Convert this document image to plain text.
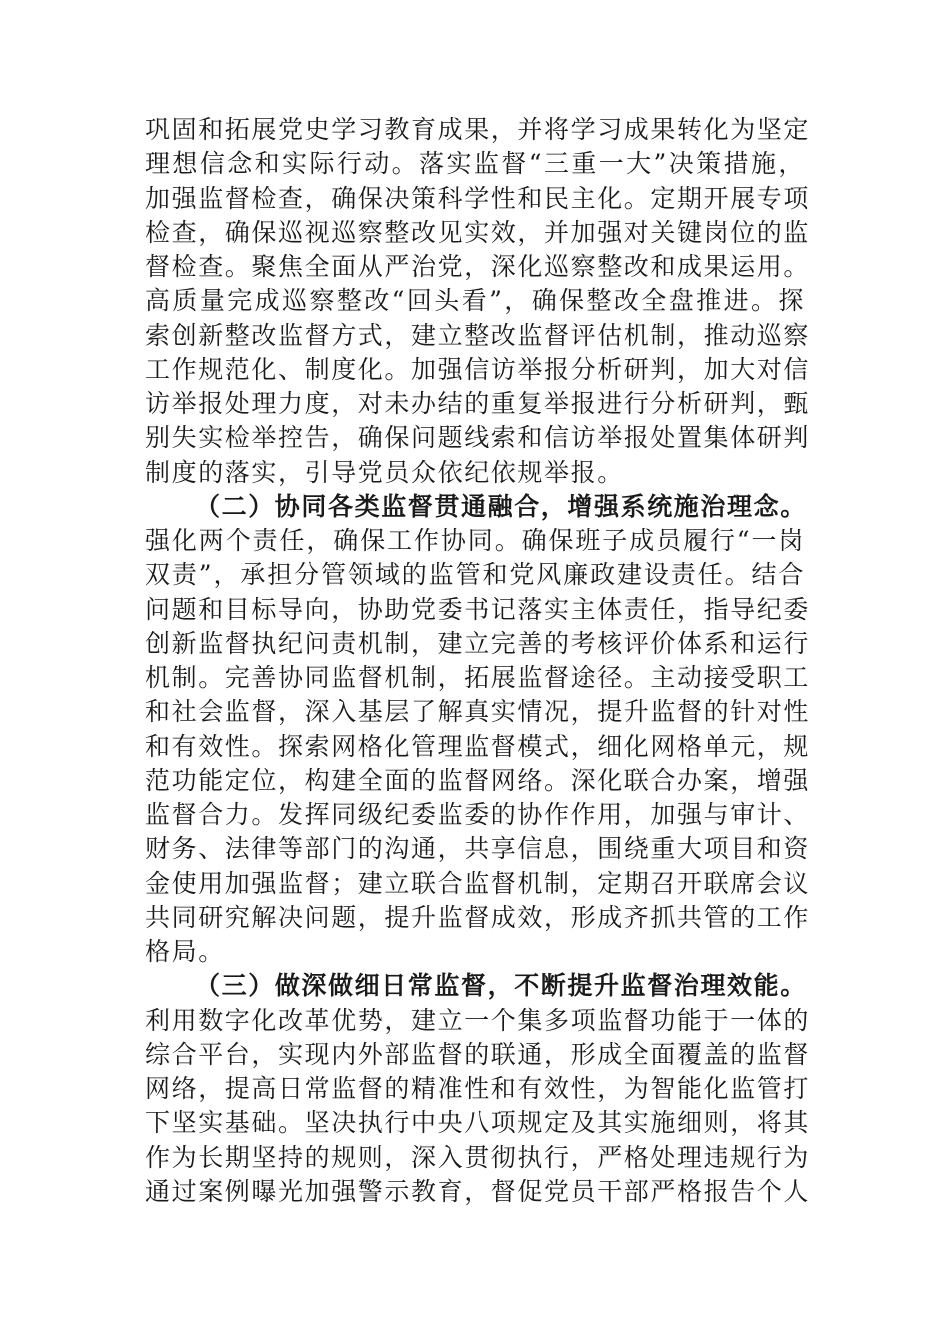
巩固和拓展党史学习教育成果，并将学习成果转化为坚定
理想信念和实际行动。落实监督“三重一大”决策措施，
加强监督检查，确保决策科学性和民主化。定期开展专项
检查，确保巡视巡察整改见实效，并加强对关键岗位的监
督检查。聚焦全面从严治党，深化巡察整改和成果运用。
高质量完成巡察整改“回头看”，确保整改全盘推进。探
索创新整改监督方式，建立整改监督评估机制，推动巡察
工作规范化、制度化。加强信访举报分析研判，加大对信
访举报处理力度，对未办结的重复举报进行分析研判，甄
别失实检举控告，确保问题线索和信访举报处置集体研判
制度的落实，引导党员众依纪依规举报。
（二）协同各类监督贯通融合，增强系统施治理念。
强化两个责任，确保工作协同。确保班子成员履行“一岗
双责”，承担分管领域的监管和党风廉政建设责任。结合
问题和目标导向，协助党委书记落实主体责任，指导纪委
创新监督执纪问责机制，建立完善的考核评价体系和运行
机制。完善协同监督机制，拓展监督途径。主动接受职工
和社会监督，深入基层了解真实情况，提升监督的针对性
和有效性。探索网格化管理监督模式，细化网格单元，规
范功能定位，构建全面的监督网络。深化联合办案，增强
监督合力。发挥同级纪委监委的协作作用，加强与审计、
财务、法律等部门的沟通，共享信息，围绕重大项目和资
金使用加强监督；建立联合监督机制，定期召开联席会议
共同研究解决问题，提升监督成效，形成齐抓共管的工作
格局。
（三）做深做细日常监督，不断提升监督治理效能。
利用数字化改革优势，建立一个集多项监督功能于一体的
综合平台，实现内外部监督的联通，形成全面覆盖的监督
网络，提高日常监督的精准性和有效性，为智能化监管打
下坚实基础。坚决执行中央八项规定及其实施细则，将其
作为长期坚持的规则，深入贯彻执行，严格处理违规行为
通过案例曝光加强警示教育，督促党员干部严格报告个人
